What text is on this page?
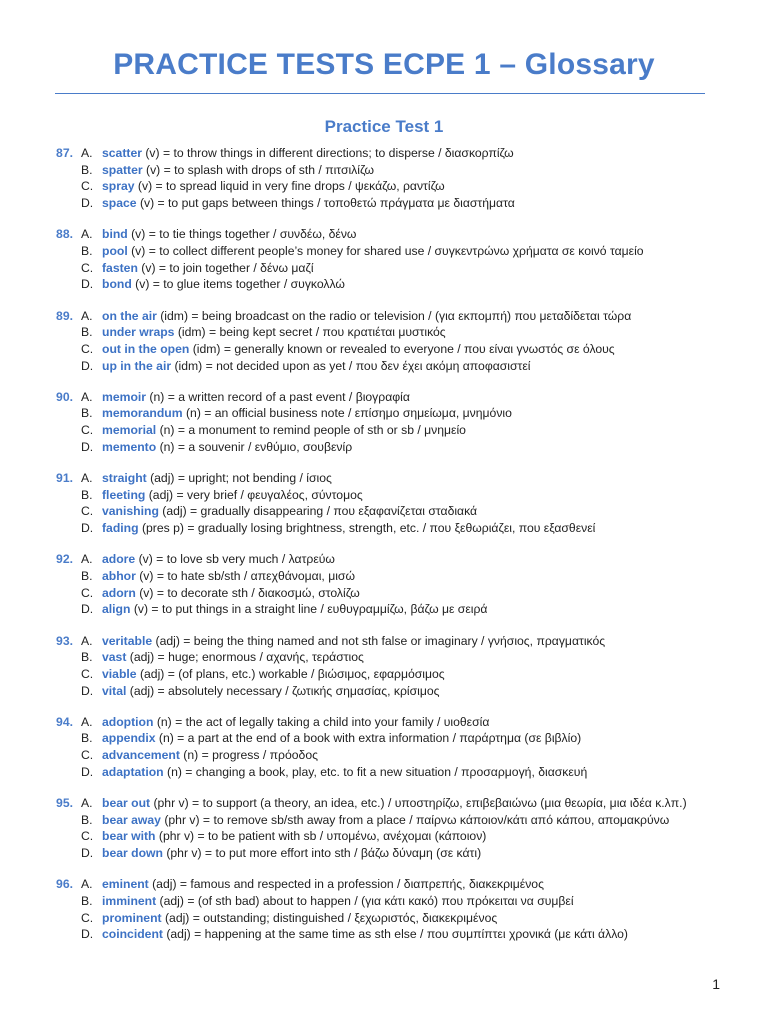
PRACTICE TESTS ECPE 1 – Glossary
Practice Test 1
87. A. scatter (v) = to throw things in different directions; to disperse / διασκορπίζω
B. spatter (v) = to splash with drops of sth / πιτσιλίζω
C. spray (v) = to spread liquid in very fine drops / ψεκάζω, ραντίζω
D. space (v) = to put gaps between things / τοποθετώ πράγματα με διαστήματα
88. A. bind (v) = to tie things together / συνδέω, δένω
B. pool (v) = to collect different people’s money for shared use / συγκεντρώνω χρήματα σε κοινό ταμείο
C. fasten (v) = to join together / δένω μαζί
D. bond (v) = to glue items together / συγκολλώ
89. A. on the air (idm) = being broadcast on the radio or television / (για εκπομπή) που μεταδίδεται τώρα
B. under wraps (idm) = being kept secret / που κρατιέται μυστικός
C. out in the open (idm) = generally known or revealed to everyone / που είναι γνωστός σε όλους
D. up in the air (idm) = not decided upon as yet / που δεν έχει ακόμη αποφασιστεί
90. A. memoir (n) = a written record of a past event / βιογραφία
B. memorandum (n) = an official business note / επίσημο σημείωμα, μνημόνιο
C. memorial (n) = a monument to remind people of sth or sb / μνημείο
D. memento (n) = a souvenir / ενθύμιο, σουβενίρ
91. A. straight (adj) = upright; not bending / ίσιος
B. fleeting (adj) = very brief / φευγαλέος, σύντομος
C. vanishing (adj) = gradually disappearing / που εξαφανίζεται σταδιακά
D. fading (pres p) = gradually losing brightness, strength, etc. / που ξεθωριάζει, που εξασθενεί
92. A. adore (v) = to love sb very much / λατρεύω
B. abhor (v) = to hate sb/sth / απεχθάνομαι, μισώ
C. adorn (v) = to decorate sth / διακοσμώ, στολίζω
D. align (v) = to put things in a straight line / ευθυγραμμίζω, βάζω με σειρά
93. A. veritable (adj) = being the thing named and not sth false or imaginary / γνήσιος, πραγματικός
B. vast (adj) = huge; enormous / αχανής, τεράστιος
C. viable (adj) = (of plans, etc.) workable / βιώσιμος, εφαρμόσιμος
D. vital (adj) = absolutely necessary / ζωτικής σημασίας, κρίσιμος
94. A. adoption (n) = the act of legally taking a child into your family / υιοθεσία
B. appendix (n) = a part at the end of a book with extra information / παράρτημα (σε βιβλίο)
C. advancement (n) = progress / πρόοδος
D. adaptation (n) = changing a book, play, etc. to fit a new situation / προσαρμογή, διασκευή
95. A. bear out (phr v) = to support (a theory, an idea, etc.) / υποστηρίζω, επιβεβαιώνω (μια θεωρία, μια ιδέα κ.λπ.)
B. bear away (phr v) = to remove sb/sth away from a place / παίρνω κάποιον/κάτι από κάπου, απομακρύνω
C. bear with (phr v) = to be patient with sb / υπομένω, ανέχομαι (κάποιον)
D. bear down (phr v) = to put more effort into sth / βάζω δύναμη (σε κάτι)
96. A. eminent (adj) = famous and respected in a profession / διαπρεπής, διακεκριμένος
B. imminent (adj) = (of sth bad) about to happen / (για κάτι κακό) που πρόκειται να συμβεί
C. prominent (adj) = outstanding; distinguished / ξεχωριστός, διακεκριμένος
D. coincident (adj) = happening at the same time as sth else / που συμπίπτει χρονικά (με κάτι άλλο)
1
